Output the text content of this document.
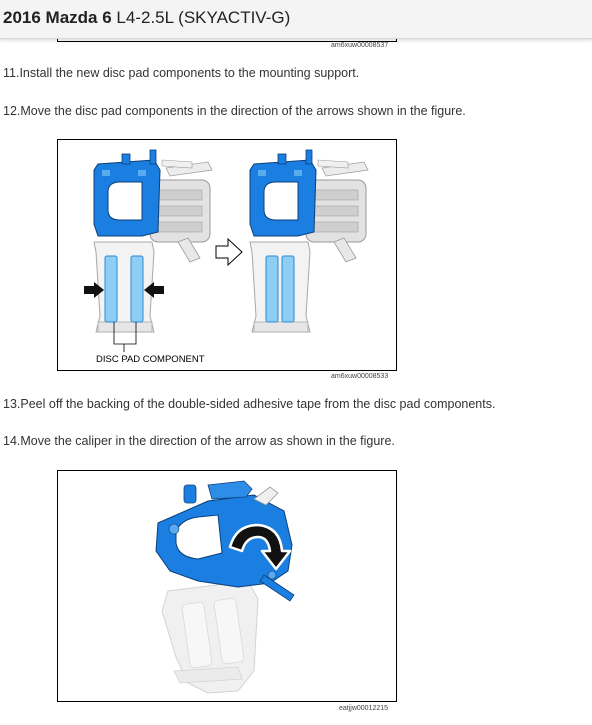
2016 Mazda 6 L4-2.5L (SKYACTIV-G)
am6xuw00008537
11.Install the new disc pad components to the mounting support.
12.Move the disc pad components in the direction of the arrows shown in the figure.
DISC PAD COMPONENT
am6xuw00008533
13.Peel off the backing of the double-sided adhesive tape from the disc pad components.
14.Move the caliper in the direction of the arrow as shown in the figure.
eatjjw00012215
